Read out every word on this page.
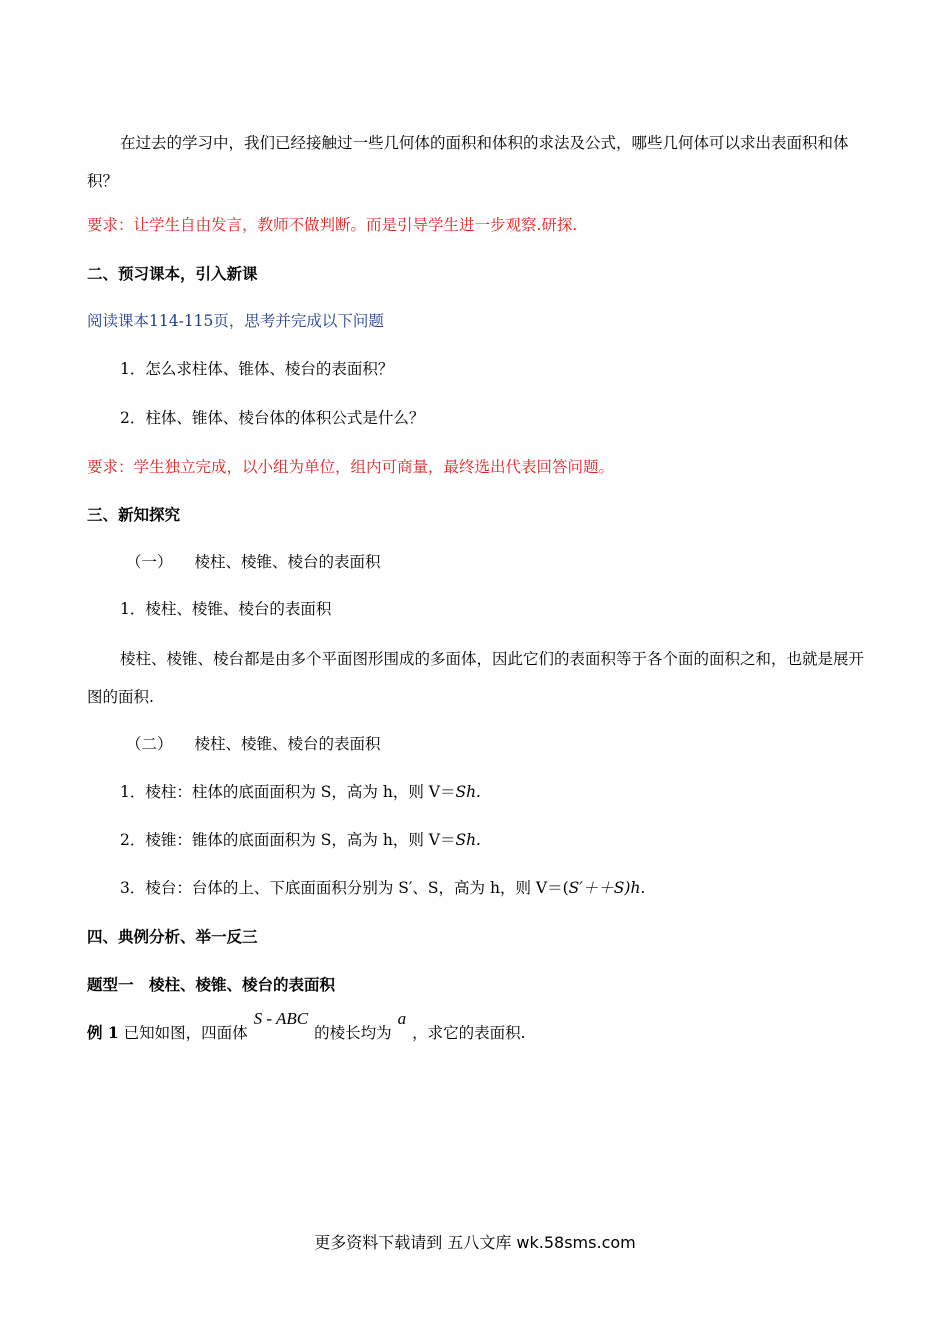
在过去的学习中，我们已经接触过一些几何体的面积和体积的求法及公式，哪些几何体可以求出表面积和体积？
要求：让学生自由发言，教师不做判断。而是引导学生进一步观察.研探.
二、预习课本，引入新课
阅读课本114-115页，思考并完成以下问题
1．怎么求柱体、锥体、棱台的表面积？
2．柱体、锥体、棱台体的体积公式是什么？
要求：学生独立完成，以小组为单位，组内可商量，最终选出代表回答问题。
三、新知探究
（一） 棱柱、棱锥、棱台的表面积
1．棱柱、棱锥、棱台的表面积
棱柱、棱锥、棱台都是由多个平面图形围成的多面体，因此它们的表面积等于各个面的面积之和，也就是展开图的面积.
（二） 棱柱、棱锥、棱台的表面积
1．棱柱：柱体的底面面积为 S，高为 h，则 V＝Sh.
2．棱锥：锥体的底面面积为 S，高为 h，则 V＝Sh.
3．棱台：台体的上、下底面面积分别为 S′、S，高为 h，则 V＝(S′＋＋S)h.
四、典例分析、举一反三
题型一　棱柱、棱锥、棱台的表面积
例 1 已知如图，四面体S - ABC的棱长均为a，求它的表面积.
更多资料下载请到 五八文库 wk.58sms.com
